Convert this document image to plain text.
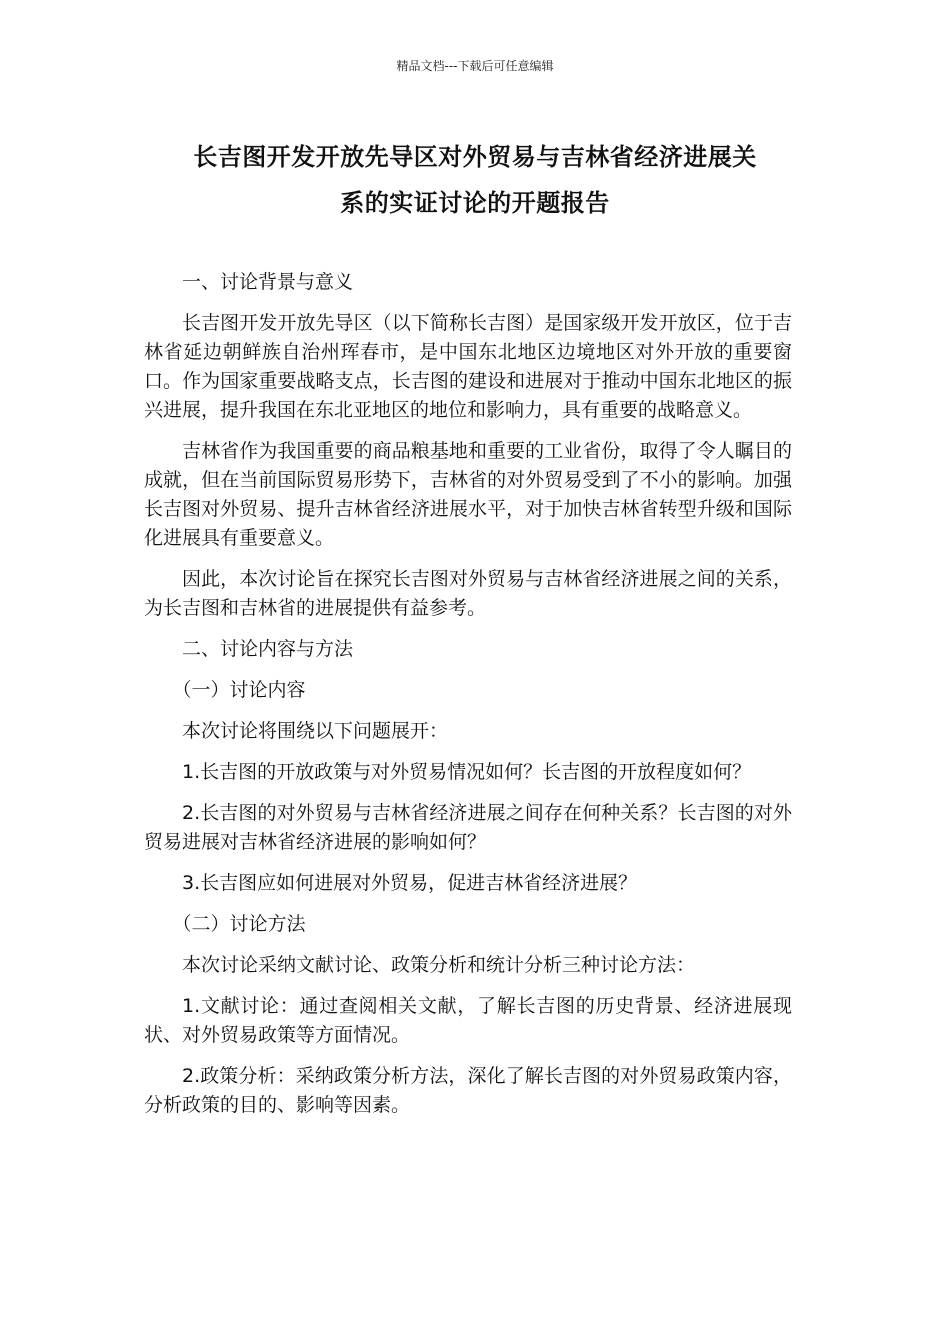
精品文档---下载后可任意编辑
长吉图开发开放先导区对外贸易与吉林省经济进展关
系的实证讨论的开题报告

一、讨论背景与意义

长吉图开发开放先导区（以下简称长吉图）是国家级开发开放区，位于吉林省延边朝鲜族自治州珲春市，是中国东北地区边境地区对外开放的重要窗口。作为国家重要战略支点，长吉图的建设和进展对于推动中国东北地区的振兴进展，提升我国在东北亚地区的地位和影响力，具有重要的战略意义。

吉林省作为我国重要的商品粮基地和重要的工业省份，取得了令人瞩目的成就，但在当前国际贸易形势下，吉林省的对外贸易受到了不小的影响。加强长吉图对外贸易、提升吉林省经济进展水平，对于加快吉林省转型升级和国际化进展具有重要意义。

因此，本次讨论旨在探究长吉图对外贸易与吉林省经济进展之间的关系，为长吉图和吉林省的进展提供有益参考。

二、讨论内容与方法

（一）讨论内容

本次讨论将围绕以下问题展开：

1.长吉图的开放政策与对外贸易情况如何？长吉图的开放程度如何？

2.长吉图的对外贸易与吉林省经济进展之间存在何种关系？长吉图的对外贸易进展对吉林省经济进展的影响如何？

3.长吉图应如何进展对外贸易，促进吉林省经济进展？

（二）讨论方法

本次讨论采纳文献讨论、政策分析和统计分析三种讨论方法：

1.文献讨论：通过查阅相关文献，了解长吉图的历史背景、经济进展现状、对外贸易政策等方面情况。

2.政策分析：采纳政策分析方法，深化了解长吉图的对外贸易政策内容，分析政策的目的、影响等因素。
